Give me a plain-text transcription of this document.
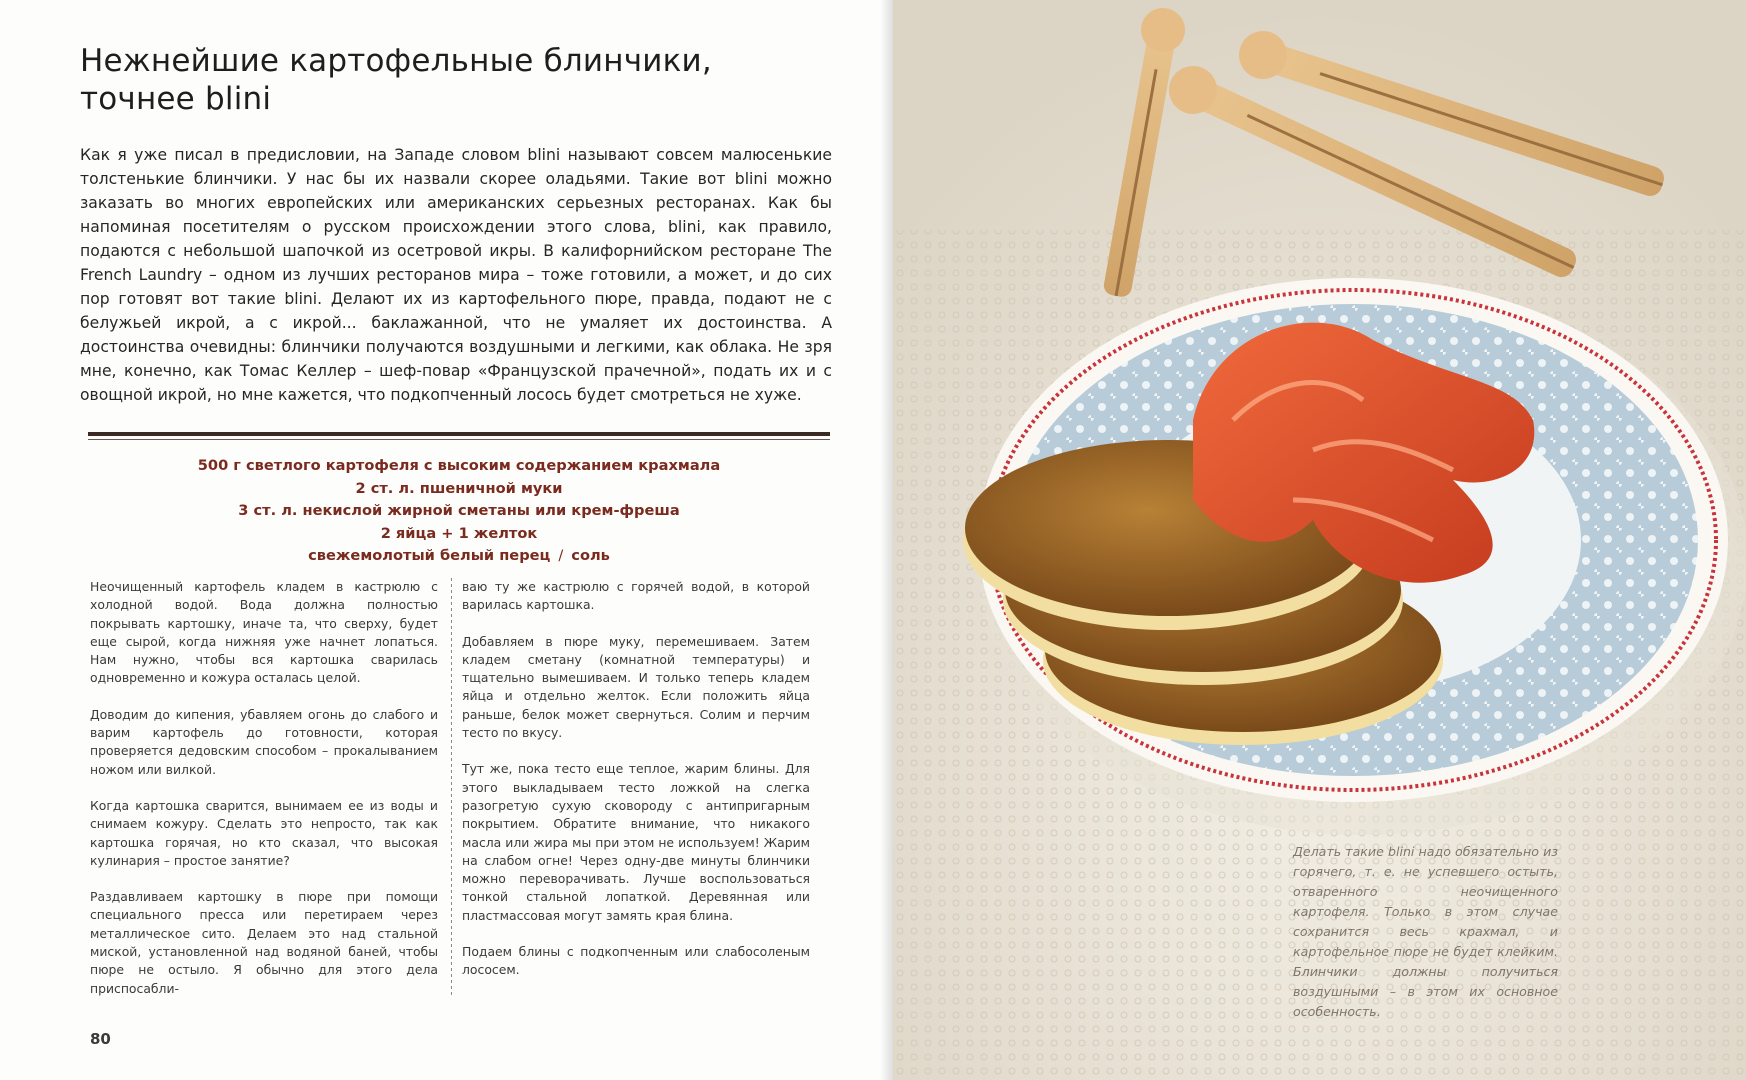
Нежнейшие картофельные блинчики,
точнее blini

Как я уже писал в предисловии, на Западе словом blini называют совсем малюсенькие толстенькие блинчики. У нас бы их назвали скорее оладьями. Такие вот blini можно заказать во многих европейских или американских серьезных ресторанах. Как бы напоминая посетителям о русском происхождении этого слова, blini, как правило, подаются с небольшой шапочкой из осетровой икры. В калифорнийском ресторане The French Laundry – одном из лучших ресторанов мира – тоже готовили, а может, и до сих пор готовят вот такие blini. Делают их из картофельного пюре, правда, подают не с белужьей икрой, а с икрой... баклажанной, что не умаляет их достоинства. А достоинства очевидны: блинчики получаются воздушными и легкими, как облака. Не зря мне, конечно, как Томас Келлер – шеф-повар «Французской прачечной», подать их и с овощной икрой, но мне кажется, что подкопченный лосось будет смотреться не хуже.

500 г светлого картофеля с высоким содержанием крахмала
2 ст. л. пшеничной муки
3 ст. л. некислой жирной сметаны или крем-фреша
2 яйца + 1 желток
свежемолотый белый перец / соль

Неочищенный картофель кладем в кастрюлю с холодной водой. Вода должна полностью покрывать картошку, иначе та, что сверху, будет еще сырой, когда нижняя уже начнет лопаться. Нам нужно, чтобы вся картошка сварилась одновременно и кожура осталась целой.

Доводим до кипения, убавляем огонь до слабого и варим картофель до готовности, которая проверяется дедовским способом – прокалыванием ножом или вилкой.

Когда картошка сварится, вынимаем ее из воды и снимаем кожуру. Сделать это непросто, так как картошка горячая, но кто сказал, что высокая кулинария – простое занятие?

Раздавливаем картошку в пюре при помощи специального пресса или перетираем через металлическое сито. Делаем это над стальной миской, установленной над водяной баней, чтобы пюре не остыло. Я обычно для этого дела приспосабли-

ваю ту же кастрюлю с горячей водой, в которой варилась картошка.

Добавляем в пюре муку, перемешиваем. Затем кладем сметану (комнатной температуры) и тщательно вымешиваем. И только теперь кладем яйца и отдельно желток. Если положить яйца раньше, белок может свернуться. Солим и перчим тесто по вкусу.

Тут же, пока тесто еще теплое, жарим блины. Для этого выкладываем тесто ложкой на слегка разогретую сухую сковороду с антипригарным покрытием. Обратите внимание, что никакого масла или жира мы при этом не используем! Жарим на слабом огне! Через одну-две минуты блинчики можно переворачивать. Лучше воспользоваться тонкой стальной лопаткой. Деревянная или пластмассовая могут замять края блина.

Подаем блины с подкопченным или слабосоленым лососем.

80
Делать такие blini надо обязательно из горячего, т. е. не успевшего остыть, отваренного неочищенного картофеля. Только в этом случае сохранится весь крахмал, и картофельное пюре не будет клейким. Блинчики должны получиться воздушными – в этом их основное особенность.
